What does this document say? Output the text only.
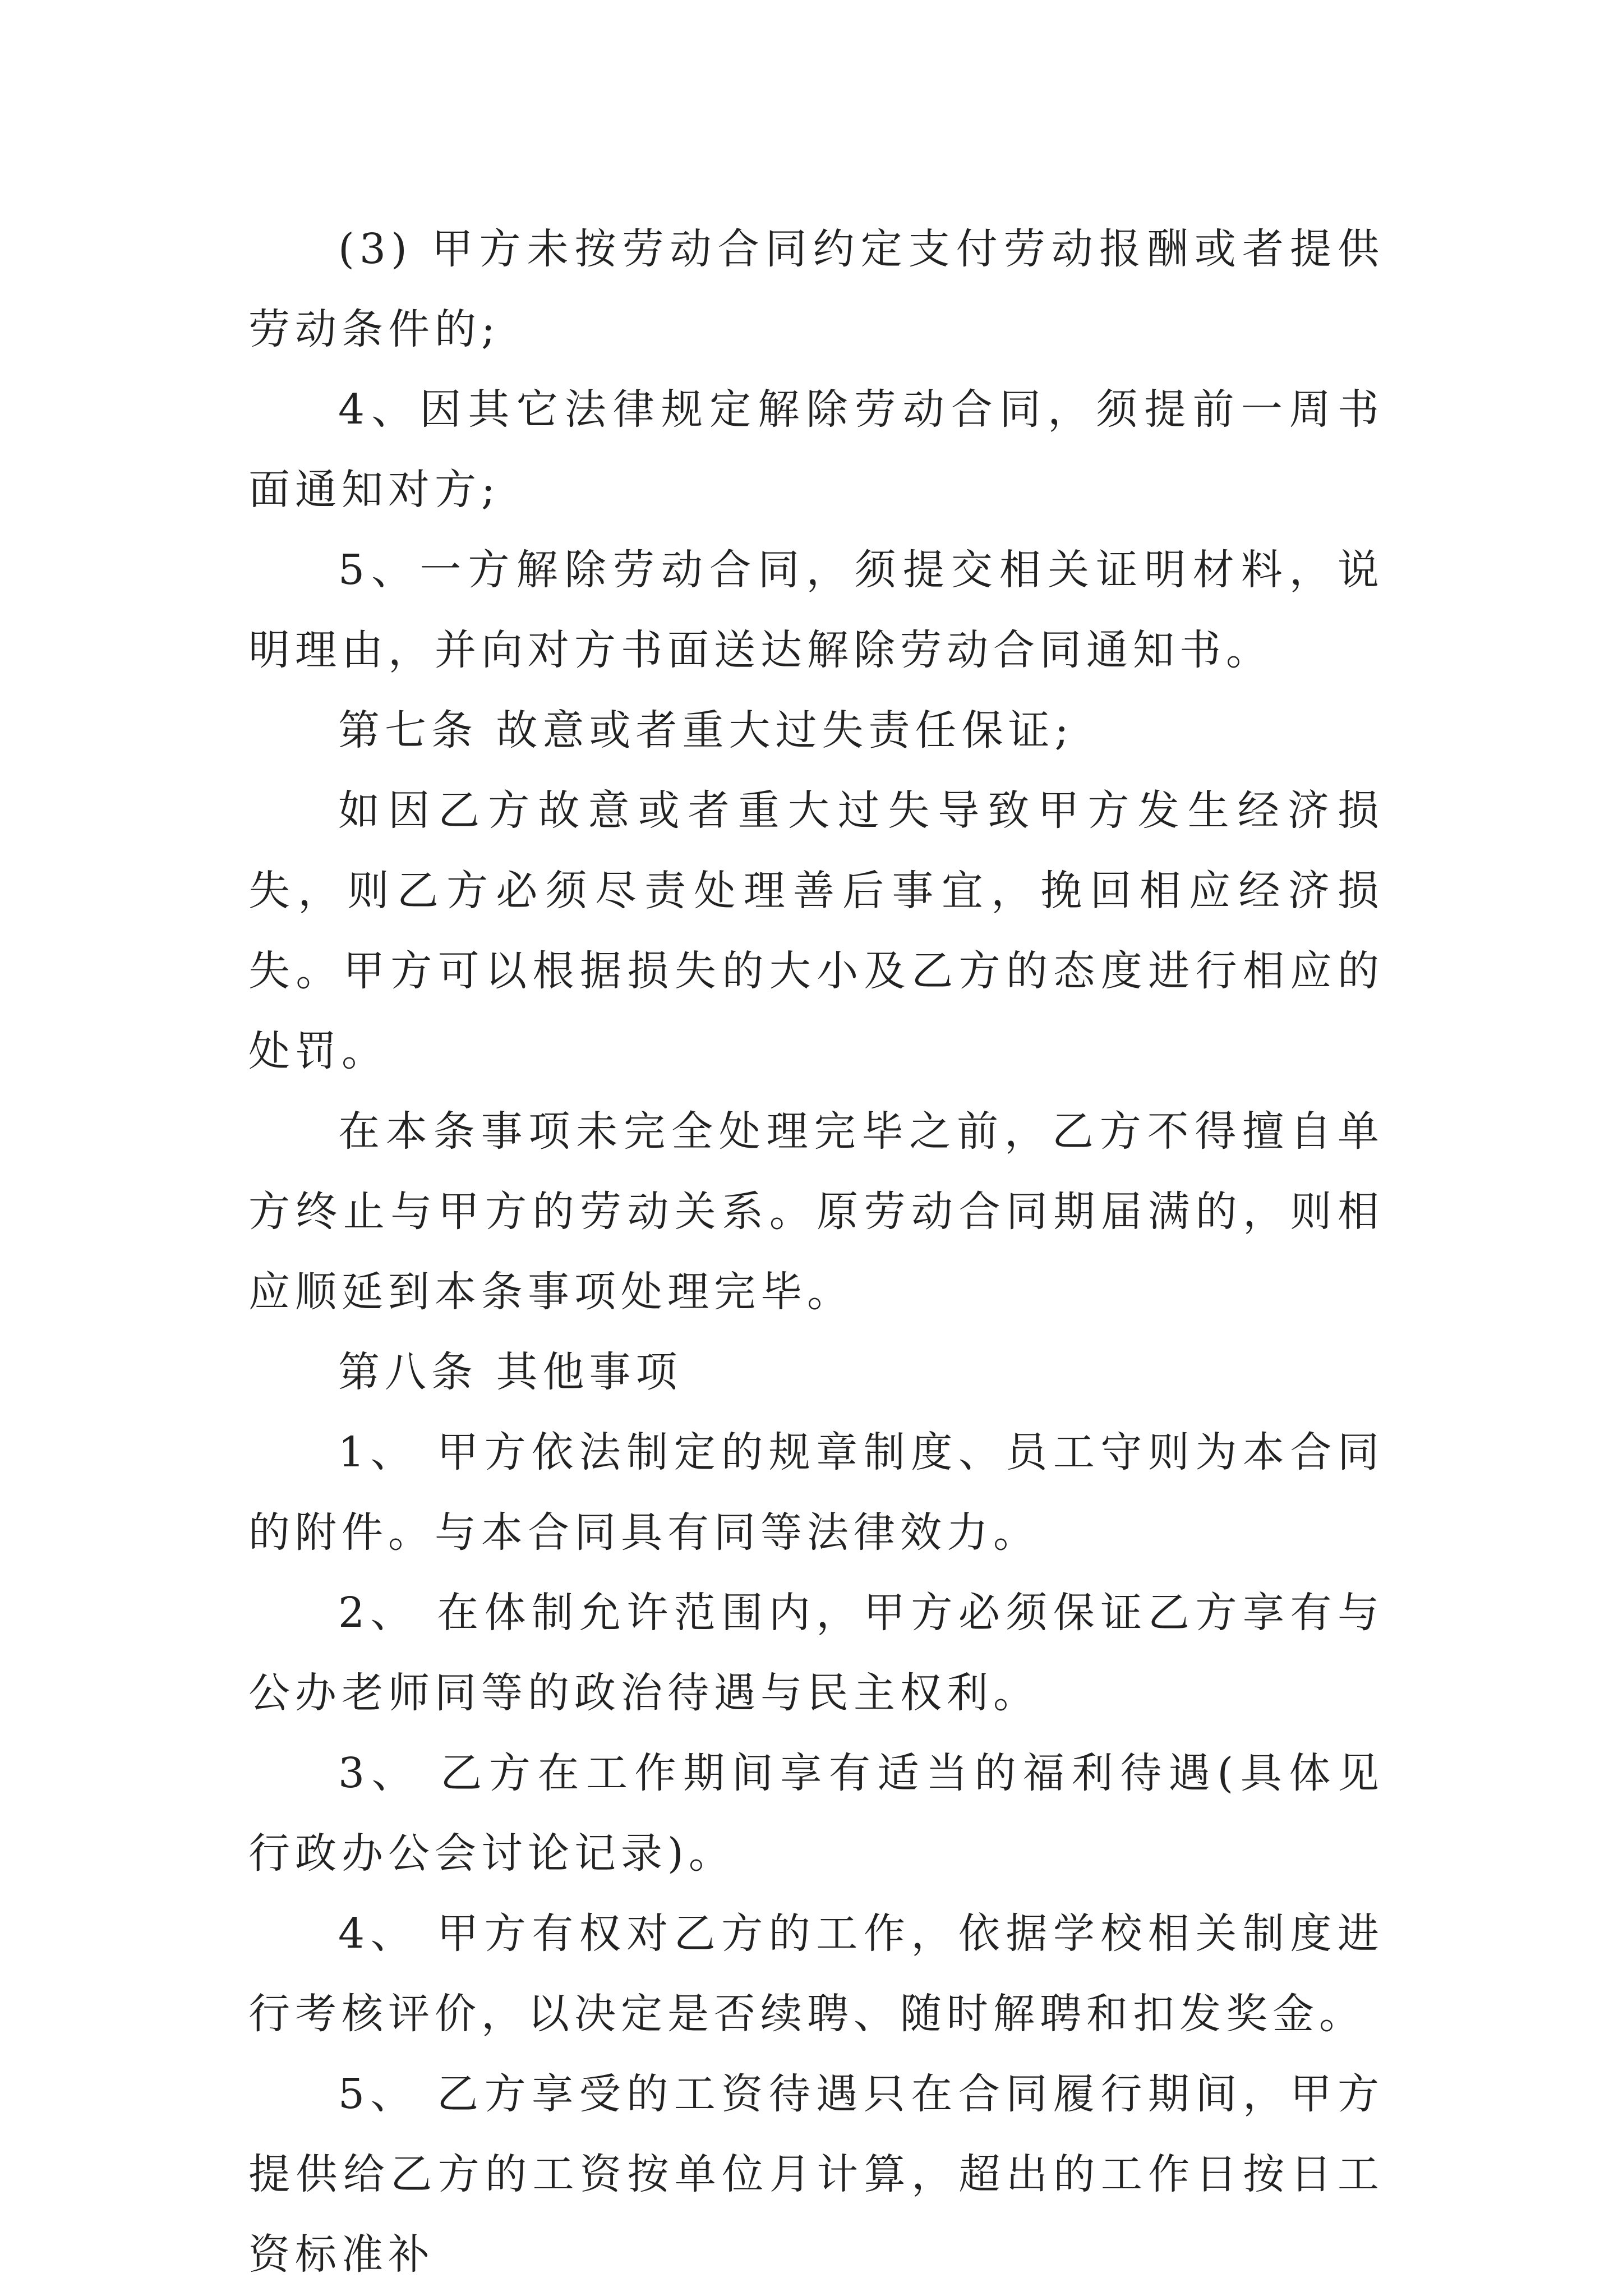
(3) 甲方未按劳动合同约定支付劳动报酬或者提供劳动条件的;

4、因其它法律规定解除劳动合同，须提前一周书面通知对方;

5、一方解除劳动合同，须提交相关证明材料，说明理由，并向对方书面送达解除劳动合同通知书。

第七条 故意或者重大过失责任保证;

如因乙方故意或者重大过失导致甲方发生经济损失，则乙方必须尽责处理善后事宜，挽回相应经济损失。甲方可以根据损失的大小及乙方的态度进行相应的处罚。

在本条事项未完全处理完毕之前，乙方不得擅自单方终止与甲方的劳动关系。原劳动合同期届满的，则相应顺延到本条事项处理完毕。

第八条 其他事项

1、 甲方依法制定的规章制度、员工守则为本合同的附件。与本合同具有同等法律效力。

2、 在体制允许范围内，甲方必须保证乙方享有与公办老师同等的政治待遇与民主权利。

3、 乙方在工作期间享有适当的福利待遇(具体见行政办公会讨论记录)。

4、 甲方有权对乙方的工作，依据学校相关制度进行考核评价，以决定是否续聘、随时解聘和扣发奖金。

5、 乙方享受的工资待遇只在合同履行期间，甲方提供给乙方的工资按单位月计算，超出的工作日按日工资标准补
